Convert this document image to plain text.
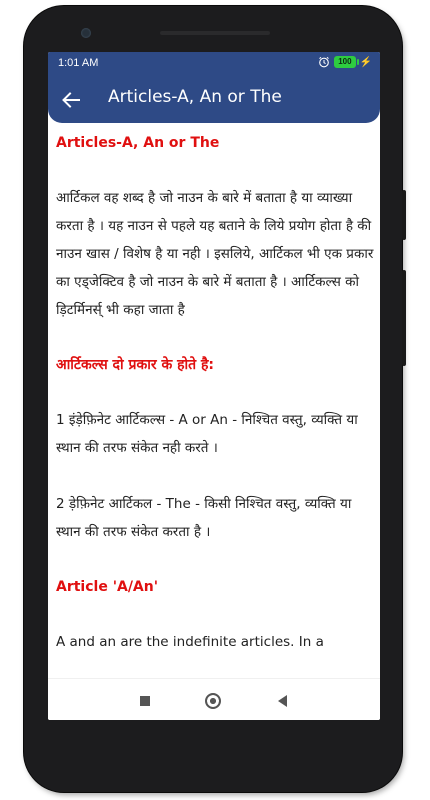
1:01 AM	100 ⚡
Articles-A, An or The

Articles-A, An or The

आर्टिकल वह शब्द है जो नाउन के बारे में बताता है या व्याख्या करता है । यह नाउन से पहले यह बताने के लिये प्रयोग होता है की नाउन खास / विशेष है या नही । इसलिये, आर्टिकल भी एक प्रकार का एड्जेक्टिव है जो नाउन के बारे में बताता है । आर्टिकल्स को ड़िटर्मिनर्स् भी कहा जाता है

आर्टिकल्स दो प्रकार के होते है:

1 इंड़ेफ़िनेट आर्टिकल्स - A or An - निश्चित वस्तु, व्यक्ति या स्थान की तरफ संकेत नही करते ।

2 ड़ेफ़िनेट आर्टिकल - The - किसी निश्चित वस्तु, व्यक्ति या स्थान की तरफ संकेत करता है ।

Article 'A/An'

A and an are the indefinite articles. In a
